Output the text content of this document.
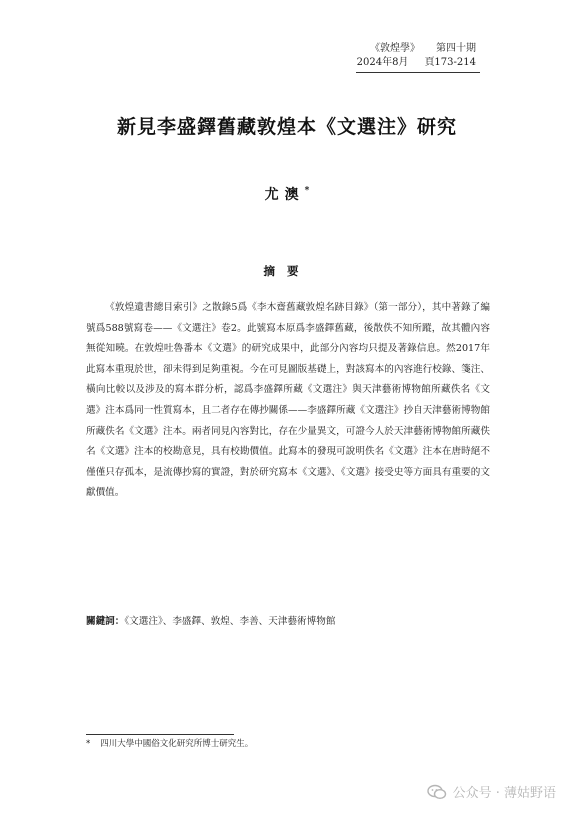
《敦煌學》 第四十期
2024年8月 頁173-214
新見李盛鐸舊藏敦煌本《文選注》研究
尤澳*
摘要

《敦煌遺書總目索引》之散錄5爲《李木齋舊藏敦煌名跡目錄》（第一部分），其中著錄了編號爲588號寫卷——《文選注》卷2。此號寫本原爲李盛鐸舊藏，後散佚不知所蹤，故其體內容無從知曉。在敦煌吐魯番本《文選》的研究成果中，此部分內容均只提及著錄信息。然2017年此寫本重現於世，卻未得到足夠重視。今在可見圖版基礎上，對該寫本的內容進行校錄、箋注、橫向比較以及涉及的寫本群分析，認爲李盛鐸所藏《文選注》與天津藝術博物館所藏佚名《文選》注本爲同一性質寫本，且二者存在傳抄關係——李盛鐸所藏《文選注》抄自天津藝術博物館所藏佚名《文選》注本。兩者同見內容對比，存在少量異文，可證今人於天津藝術博物館所藏佚名《文選》注本的校勘意見，具有校勘價值。此寫本的發現可說明佚名《文選》注本在唐時絕不僅僅只存孤本，是流傳抄寫的實證，對於研究寫本《文選》、《文選》接受史等方面具有重要的文獻價值。

關鍵詞：《文選注》、李盛鐸、敦煌、李善、天津藝術博物館
* 四川大學中國俗文化研究所博士研究生。
公众号 · 薄姑野语
